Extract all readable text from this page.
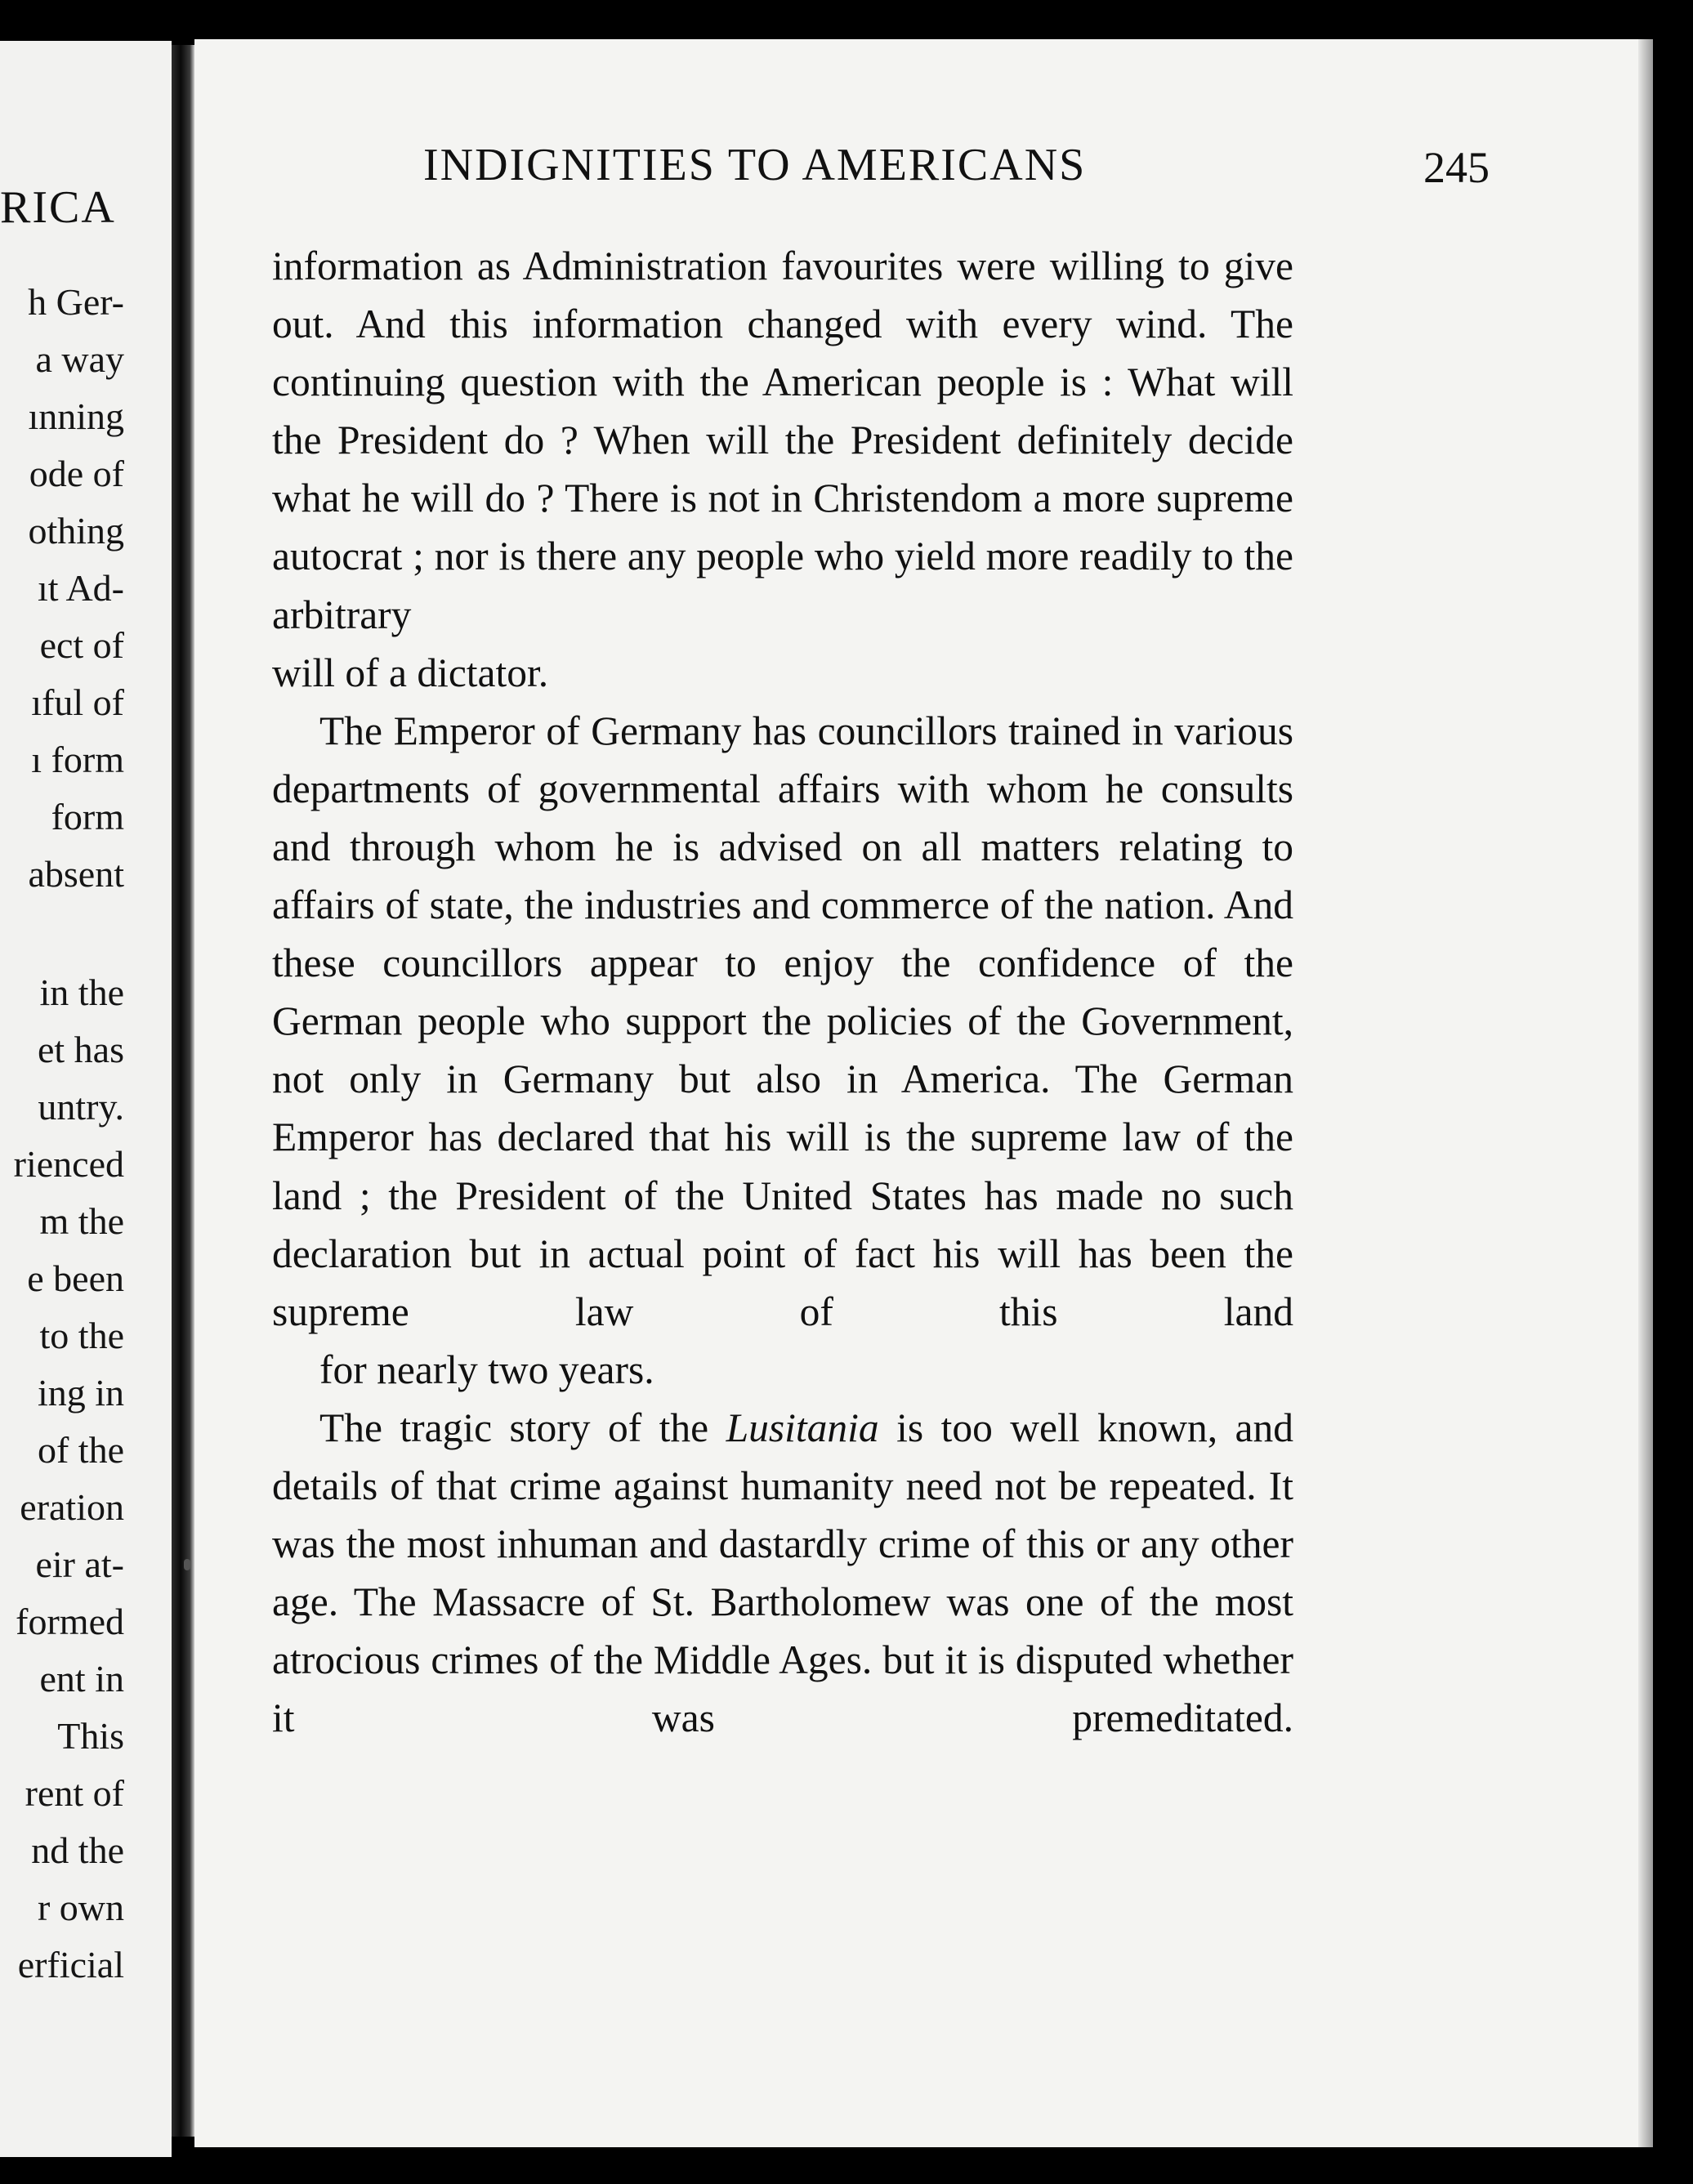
RICA
h Ger-
a way
ınning
ode of
othing
ıt Ad-
ect of
ıful of
ı form
form
absent
in the
et has
untry.
rienced
m the
e been
to the
ing in
of the
eration
eir at-
formed
ent in
This
rent of
nd the
r own
erficial
INDIGNITIES TO AMERICANS	245

information as Administration favourites were willing to give out. And this information changed with every wind. The continuing question with the American people is : What will the President do ? When will the President definitely decide what he will do ? There is not in Christendom a more supreme autocrat ; nor is there any people who yield more readily to the arbitrary
will of a dictator.

The Emperor of Germany has councillors trained in various departments of governmental affairs with whom he consults and through whom he is advised on all matters relating to affairs of state, the industries and commerce of the nation. And these councillors appear to enjoy the confidence of the German people who support the policies of the Government, not only in Germany but also in America. The German Emperor has declared that his will is the supreme law of the land ; the President of the United States has made no such declaration but in actual point of fact his will has been the supreme law of this land
for nearly two years.

The tragic story of the Lusitania is too well known, and details of that crime against humanity need not be repeated. It was the most inhuman and dastardly crime of this or any other age. The Massacre of St. Bartholomew was one of the most atrocious crimes of the Middle Ages. but it is disputed whether it was premeditated.
